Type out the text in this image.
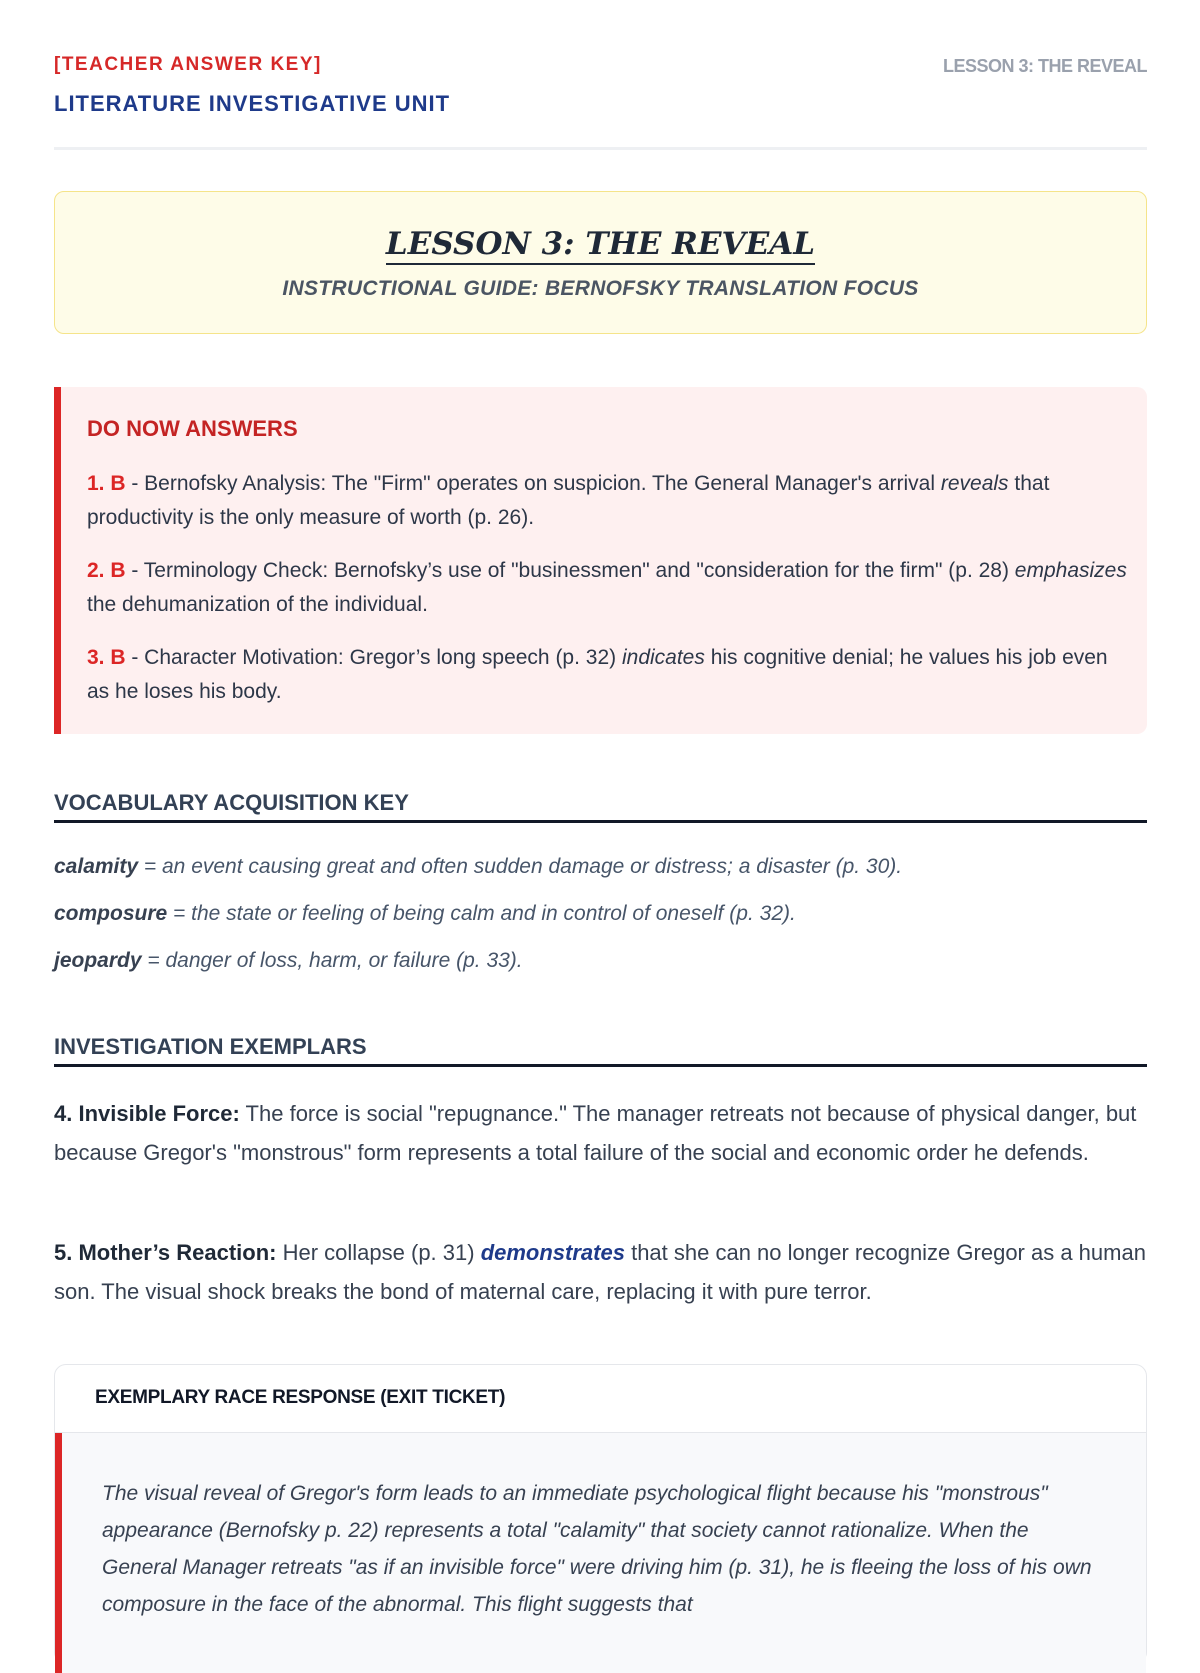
[TEACHER ANSWER KEY]
LITERATURE INVESTIGATIVE UNIT
LESSON 3: THE REVEAL
LESSON 3: THE REVEAL
INSTRUCTIONAL GUIDE: BERNOFSKY TRANSLATION FOCUS
DO NOW ANSWERS
1. B - Bernofsky Analysis: The "Firm" operates on suspicion. The General Manager's arrival reveals that productivity is the only measure of worth (p. 26).
2. B - Terminology Check: Bernofsky’s use of "businessmen" and "consideration for the firm" (p. 28) emphasizes the dehumanization of the individual.
3. B - Character Motivation: Gregor’s long speech (p. 32) indicates his cognitive denial; he values his job even as he loses his body.
VOCABULARY ACQUISITION KEY
calamity = an event causing great and often sudden damage or distress; a disaster (p. 30).
composure = the state or feeling of being calm and in control of oneself (p. 32).
jeopardy = danger of loss, harm, or failure (p. 33).
INVESTIGATION EXEMPLARS
4. Invisible Force: The force is social "repugnance." The manager retreats not because of physical danger, but because Gregor's "monstrous" form represents a total failure of the social and economic order he defends.
5. Mother’s Reaction: Her collapse (p. 31) demonstrates that she can no longer recognize Gregor as a human son. The visual shock breaks the bond of maternal care, replacing it with pure terror.
EXEMPLARY RACE RESPONSE (EXIT TICKET)
The visual reveal of Gregor's form leads to an immediate psychological flight because his "monstrous" appearance (Bernofsky p. 22) represents a total "calamity" that society cannot rationalize. When the General Manager retreats "as if an invisible force" were driving him (p. 31), he is fleeing the loss of his own composure in the face of the abnormal. This flight suggests that
